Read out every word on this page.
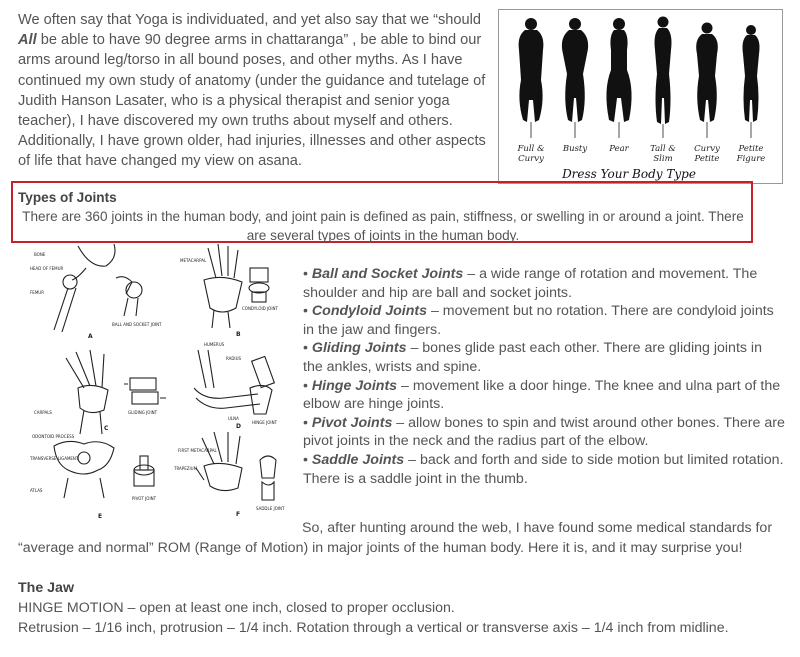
We often say that Yoga is individuated, and yet also say that we “should All be able to have 90 degree arms in chattaranga” , be able to bind our arms around leg/torso in all bound poses, and other myths. As I have continued my own study of anatomy (under the guidance and tutelage of Judith Hanson Lasater, who is a physical therapist and senior yoga teacher), I have discovered my own truths about myself and others. Additionally, I have grown older, had injuries, illnesses and other aspects of life that have changed my view on asana.
Full &
Curvy
Busty	Pear	Tall &
Slim
Curvy
Petite
Petite
Figure
Dress Your Body Type
Types of Joints
There are 360 joints in the human body, and joint pain is defined as pain, stiffness, or swelling in or around a joint. There are several types of joints in the human body.
BONE
HEAD OF FEMUR
FEMUR
BALL AND SOCKET JOINT
METACARPAL
CONDYLOID JOINT
HUMERUS
RADIUS
ULNA
HINGE JOINT
CARPALS	GLIDING JOINT
ODONTOID PROCESS
TRANSVERSE LIGAMENT
ATLAS
PIVOT JOINT
FIRST METACARPAL
TRAPEZIUM
SADDLE JOINT
A	B
C	D
E	F

• Ball and Socket Joints – a wide range of rotation and movement. The shoulder and hip are ball and socket joints.

• Condyloid Joints – movement but no rotation. There are condyloid joints in the jaw and fingers.

• Gliding Joints – bones glide past each other. There are gliding joints in the ankles, wrists and spine.

• Hinge Joints – movement like a door hinge. The knee and ulna part of the elbow are hinge joints.

• Pivot Joints – allow bones to spin and twist around other bones. There are pivot joints in the neck and the radius part of the elbow.

• Saddle Joints – back and forth and side to side motion but limited rotation. There is a saddle joint in the thumb.

So, after hunting around the web, I have found some medical standards for
“average and normal” ROM (Range of Motion) in major joints of the human body. Here it is, and it may surprise you!
The Jaw
HINGE MOTION – open at least one inch, closed to proper occlusion.
Retrusion – 1/16 inch, protrusion – 1/4 inch. Rotation through a vertical or transverse axis – 1/4 inch from midline.
